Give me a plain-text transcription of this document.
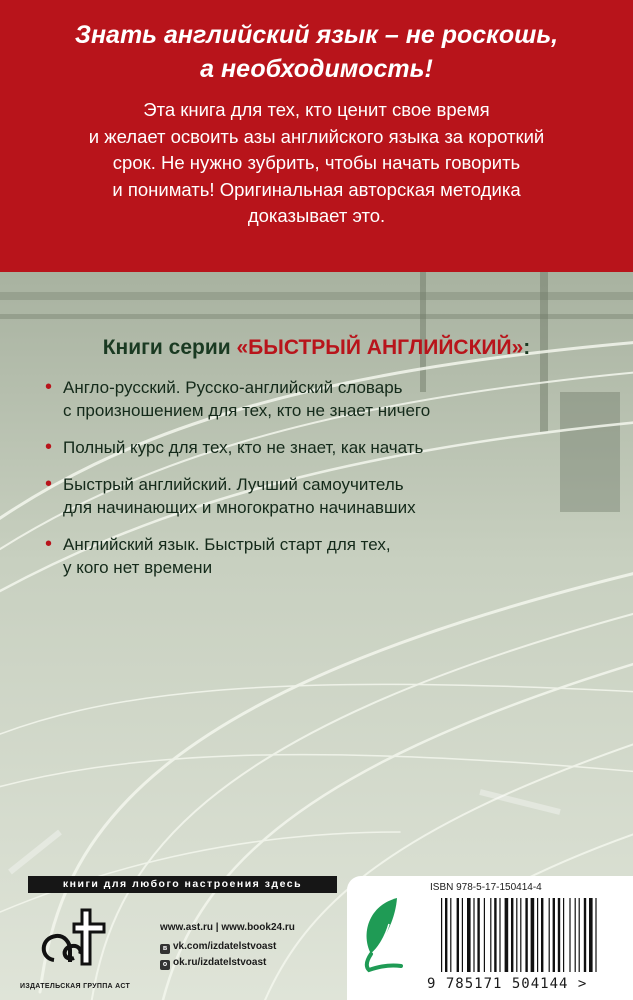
Знать английский язык – не роскошь,
а необходимость!
Эта книга для тех, кто ценит свое время
и желает освоить азы английского языка за короткий
срок. Не нужно зубрить, чтобы начать говорить
и понимать! Оригинальная авторская методика
доказывает это.
Книги серии «БЫСТРЫЙ АНГЛИЙСКИЙ»:
• Англо-русский. Русско-английский словарь
с произношением для тех, кто не знает ничего
• Полный курс для тех, кто не знает, как начать
• Быстрый английский. Лучший самоучитель
для начинающих и многократно начинавших
• Английский язык. Быстрый старт для тех,
у кого нет времени
книги для любого настроения здесь
ac
ИЗДАТЕЛЬСКАЯ ГРУППА АСТ
www.ast.ru | www.book24.ru
в vk.com/izdatelstvoast
о ok.ru/izdatelstvoast
ISBN 978-5-17-150414-4
9 785171 504144 >
